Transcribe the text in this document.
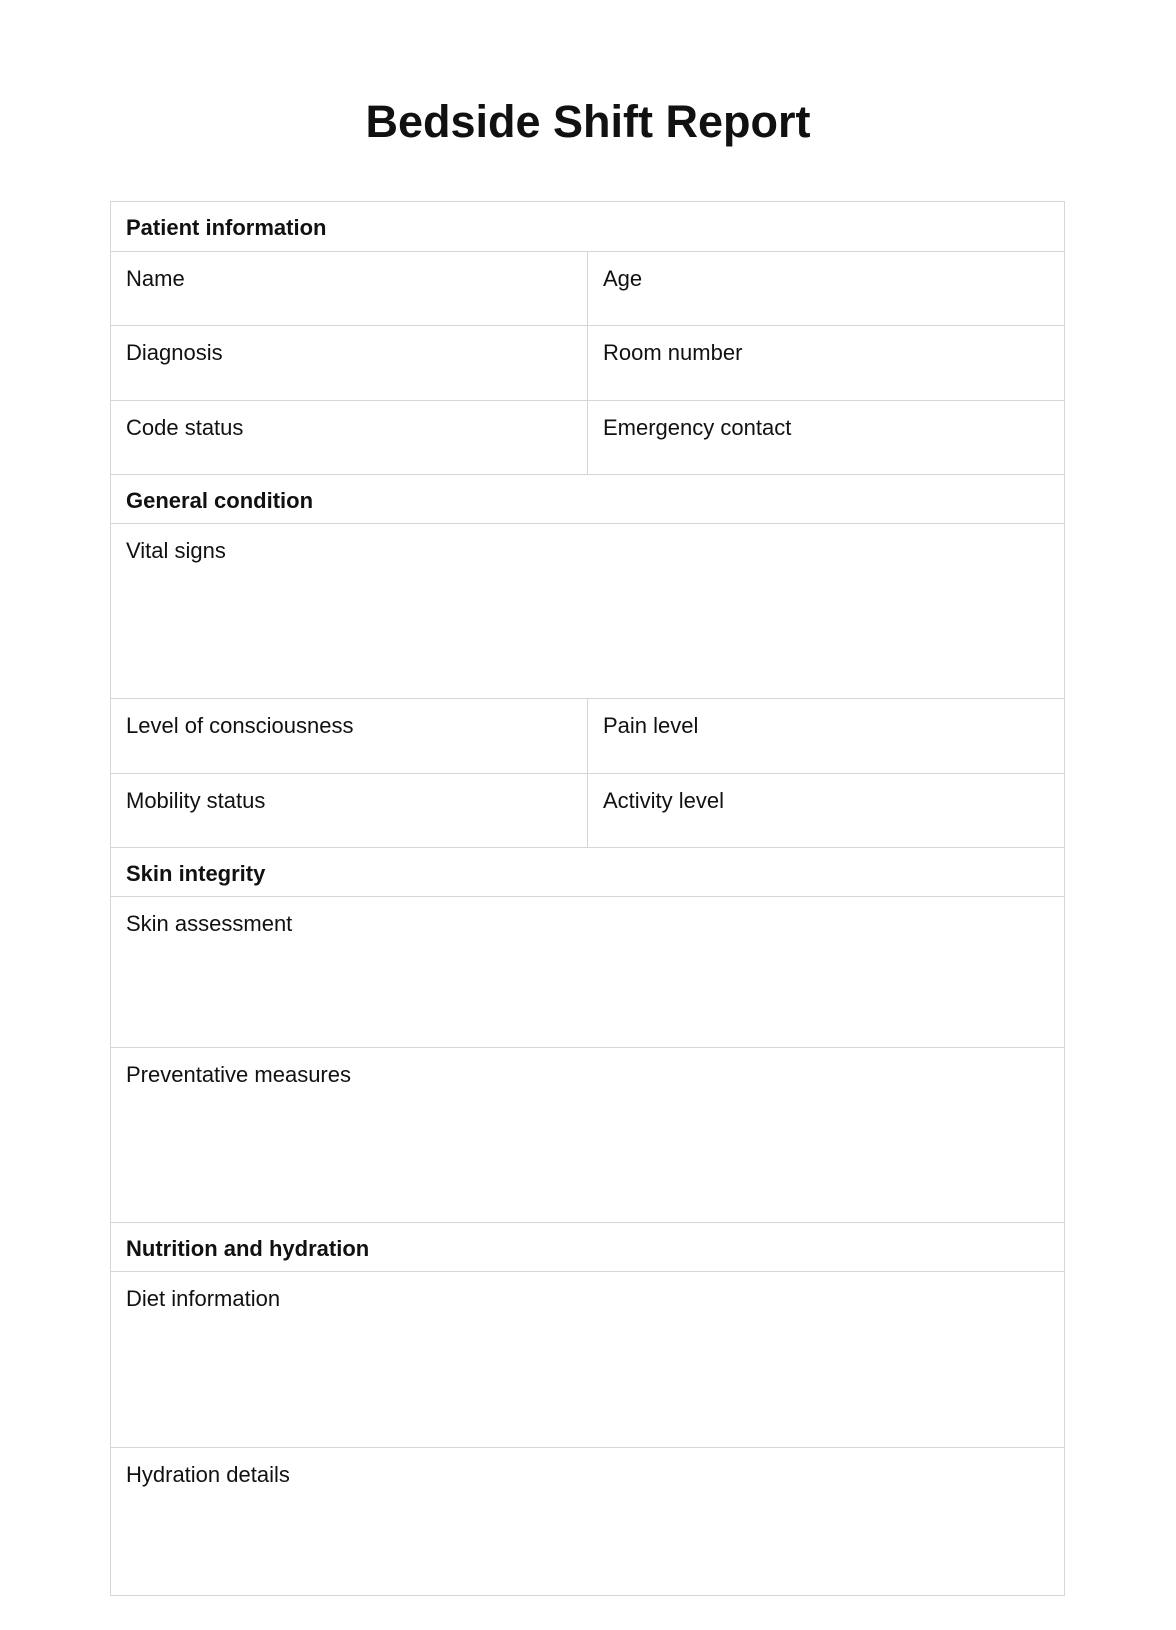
Bedside Shift Report
Patient information
Name	Age
Diagnosis	Room number
Code status	Emergency contact
General condition
Vital signs
Level of consciousness	Pain level
Mobility status	Activity level
Skin integrity
Skin assessment
Preventative measures
Nutrition and hydration
Diet information
Hydration details
